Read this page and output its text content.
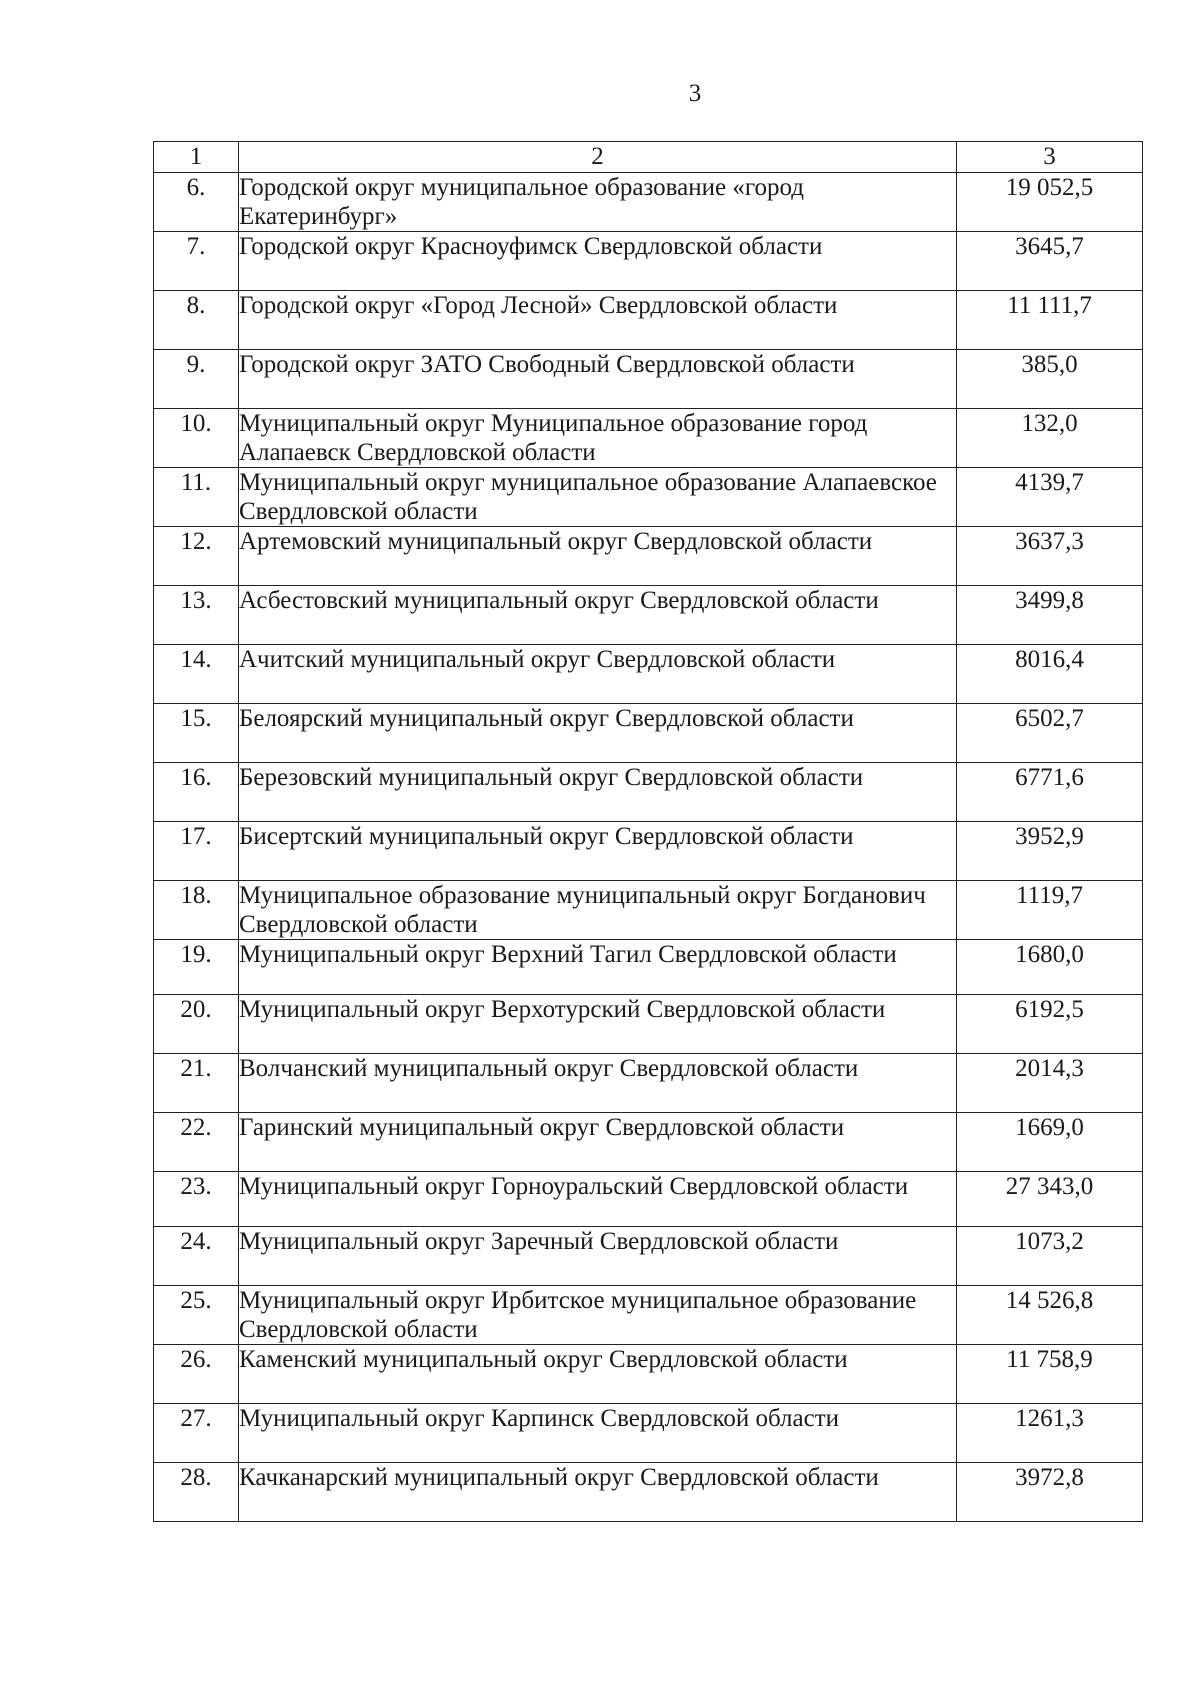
3
1	2	3
6.	Городской округ муниципальное образование «город Екатеринбург»	19 052,5
7.	Городской округ Красноуфимск Свердловской области	3645,7
8.	Городской округ «Город Лесной» Свердловской области	11 111,7
9.	Городской округ ЗАТО Свободный Свердловской области	385,0
10.	Муниципальный округ Муниципальное образование город Алапаевск Свердловской области	132,0
11.	Муниципальный округ муниципальное образование Алапаевское Свердловской области	4139,7
12.	Артемовский муниципальный округ Свердловской области	3637,3
13.	Асбестовский муниципальный округ Свердловской области	3499,8
14.	Ачитский муниципальный округ Свердловской области	8016,4
15.	Белоярский муниципальный округ Свердловской области	6502,7
16.	Березовский муниципальный округ Свердловской области	6771,6
17.	Бисертский муниципальный округ Свердловской области	3952,9
18.	Муниципальное образование муниципальный округ Богданович Свердловской области	1119,7
19.	Муниципальный округ Верхний Тагил Свердловской области	1680,0
20.	Муниципальный округ Верхотурский Свердловской области	6192,5
21.	Волчанский муниципальный округ Свердловской области	2014,3
22.	Гаринский муниципальный округ Свердловской области	1669,0
23.	Муниципальный округ Горноуральский Свердловской области	27 343,0
24.	Муниципальный округ Заречный Свердловской области	1073,2
25.	Муниципальный округ Ирбитское муниципальное образование Свердловской области	14 526,8
26.	Каменский муниципальный округ Свердловской области	11 758,9
27.	Муниципальный округ Карпинск Свердловской области	1261,3
28.	Качканарский муниципальный округ Свердловской области	3972,8
